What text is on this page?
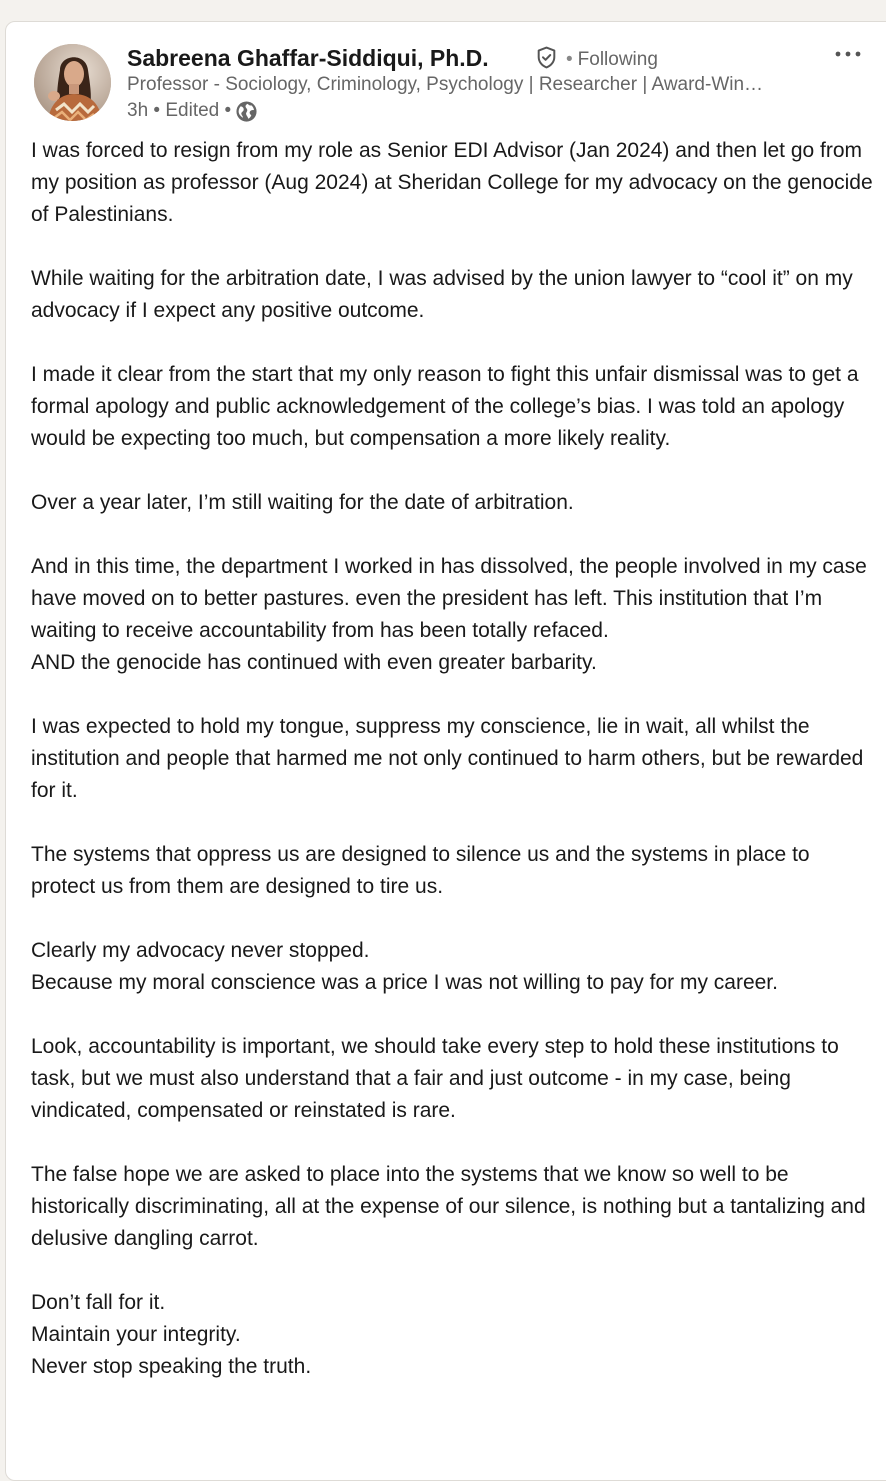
Sabreena Ghaffar-Siddiqui, Ph.D.	• Following
Professor - Sociology, Criminology, Psychology | Researcher | Award-Win…
3h • Edited •

I was forced to resign from my role as Senior EDI Advisor (Jan 2024) and then let go from my position as professor (Aug 2024) at Sheridan College for my advocacy on the genocide of Palestinians.

While waiting for the arbitration date, I was advised by the union lawyer to “cool it” on my advocacy if I expect any positive outcome.

I made it clear from the start that my only reason to fight this unfair dismissal was to get a formal apology and public acknowledgement of the college’s bias. I was told an apology would be expecting too much, but compensation a more likely reality.

Over a year later, I’m still waiting for the date of arbitration.

And in this time, the department I worked in has dissolved, the people involved in my case have moved on to better pastures. even the president has left. This institution that I’m waiting to receive accountability from has been totally refaced.
AND the genocide has continued with even greater barbarity.

I was expected to hold my tongue, suppress my conscience, lie in wait, all whilst the institution and people that harmed me not only continued to harm others, but be rewarded for it.

The systems that oppress us are designed to silence us and the systems in place to protect us from them are designed to tire us.

Clearly my advocacy never stopped.
Because my moral conscience was a price I was not willing to pay for my career.

Look, accountability is important, we should take every step to hold these institutions to task, but we must also understand that a fair and just outcome - in my case, being vindicated, compensated or reinstated is rare.

The false hope we are asked to place into the systems that we know so well to be historically discriminating, all at the expense of our silence, is nothing but a tantalizing and delusive dangling carrot.

Don’t fall for it.
Maintain your integrity.
Never stop speaking the truth.
